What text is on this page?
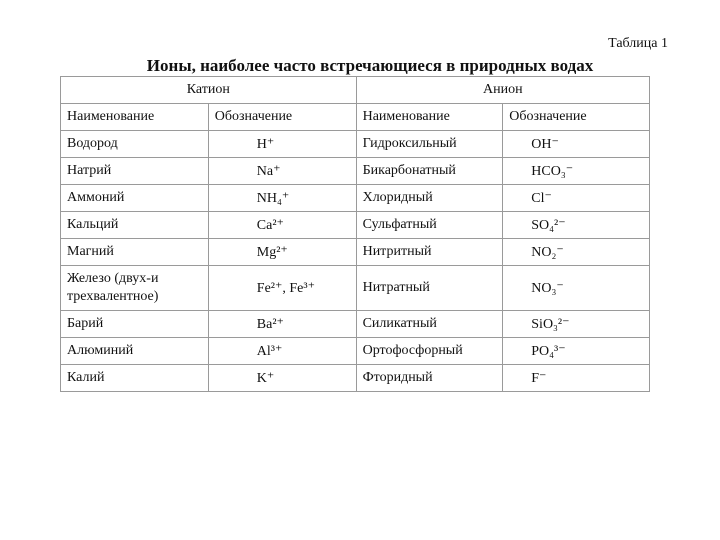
Таблица 1
Ионы, наиболее часто встречающиеся в природных водах
Катион		Анион	
Наименование	Обозначение	Наименование	Обозначение
Водород	H⁺	Гидроксильный	OH⁻
Натрий	Na⁺	Бикарбонатный	HCO₃⁻
Аммоний	NH₄⁺	Хлоридный	Cl⁻
Кальций	Ca²⁺	Сульфатный	SO₄²⁻
Магний	Mg²⁺	Нитритный	NO₂⁻
Железо (двух-и трехвалентное)	Fe²⁺, Fe³⁺	Нитратный	NO₃⁻
Барий	Ba²⁺	Силикатный	SiO₃²⁻
Алюминий	Al³⁺	Ортофосфорный	PO₄³⁻
Калий	K⁺	Фторидный	F⁻
